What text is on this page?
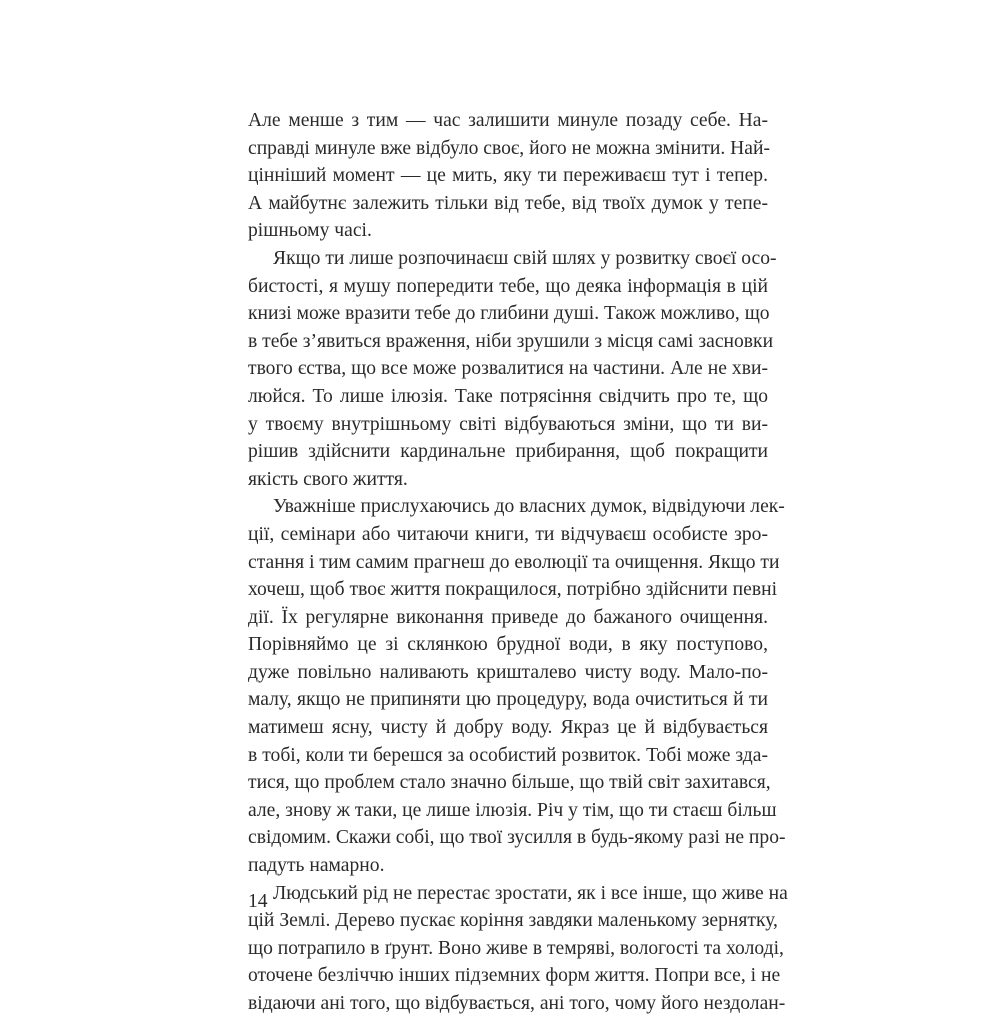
Але менше з тим — час залишити минуле позаду себе. На-
справді минуле вже відбуло своє, його не можна змінити. Най-
цінніший момент — це мить, яку ти переживаєш тут і тепер.
А майбутнє залежить тільки від тебе, від твоїх думок у тепе-
рішньому часі.
Якщо ти лише розпочинаєш свій шлях у розвитку своєї осо-
бистості, я мушу попередити тебе, що деяка інформація в цій
книзі може вразити тебе до глибини душі. Також можливо, що
в тебе з’явиться враження, ніби зрушили з місця самі засновки
твого єства, що все може розвалитися на частини. Але не хви-
люйся. То лише ілюзія. Таке потрясіння свідчить про те, що
у твоєму внутрішньому світі відбуваються зміни, що ти ви-
рішив здійснити кардинальне прибирання, щоб покращити
якість свого життя.
Уважніше прислухаючись до власних думок, відвідуючи лек-
ції, семінари або читаючи книги, ти відчуваєш особисте зро-
стання і тим самим прагнеш до еволюції та очищення. Якщо ти
хочеш, щоб твоє життя покращилося, потрібно здійснити певні
дії. Їх регулярне виконання приведе до бажаного очищення.
Порівняймо це зі склянкою брудної води, в яку поступово,
дуже повільно наливають кришталево чисту воду. Мало-по-
малу, якщо не припиняти цю процедуру, вода очиститься й ти
матимеш ясну, чисту й добру воду. Якраз це й відбувається
в тобі, коли ти берешся за особистий розвиток. Тобі може зда-
тися, що проблем стало значно більше, що твій світ захитався,
але, знову ж таки, це лише ілюзія. Річ у тім, що ти стаєш більш
свідомим. Скажи собі, що твої зусилля в будь-якому разі не про-
падуть намарно.
Людський рід не перестає зростати, як і все інше, що живе на
цій Землі. Дерево пускає коріння завдяки маленькому зернятку,
що потрапило в ґрунт. Воно живе в темряві, вологості та холоді,
оточене безліччю інших підземних форм життя. Попри все, і не
відаючи ані того, що відбувається, ані того, чому його нездолан-
14
